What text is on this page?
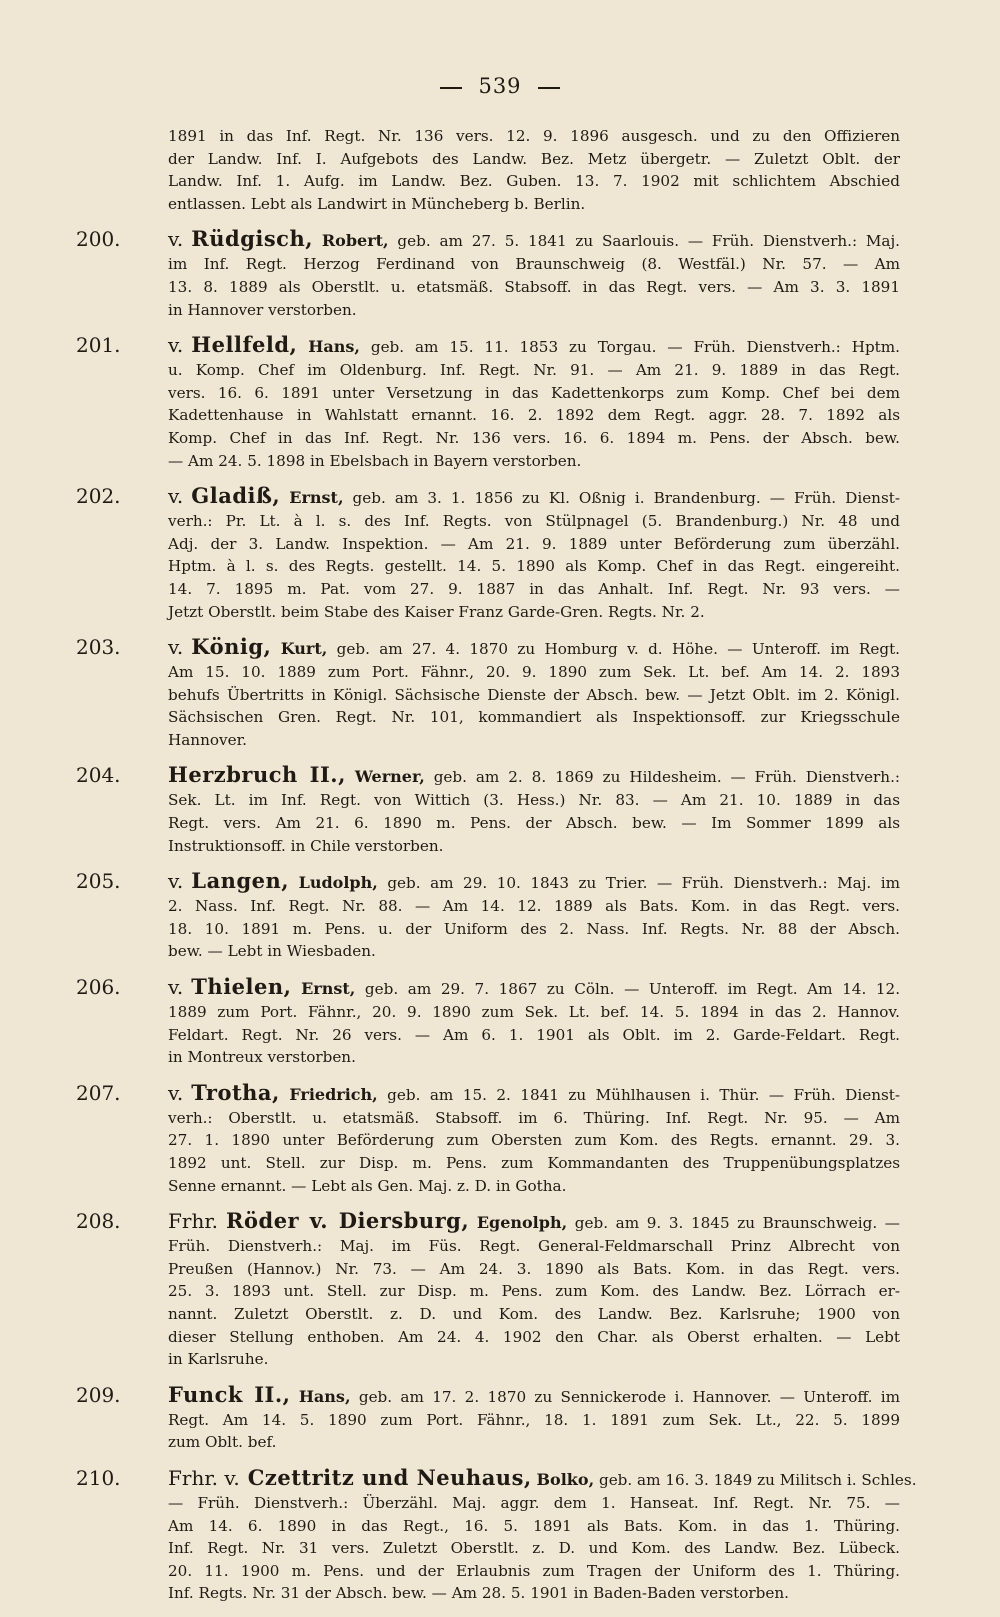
539
1891 in das Inf. Regt. Nr. 136 vers. 12. 9. 1896 ausgesch. und zu den Offizieren
der Landw. Inf. I. Aufgebots des Landw. Bez. Metz übergetr. — Zuletzt Oblt. der
Landw. Inf. 1. Aufg. im Landw. Bez. Guben. 13. 7. 1902 mit schlichtem Abschied
entlassen. Lebt als Landwirt in Müncheberg b. Berlin.
200.	v. Rüdgisch, Robert, geb. am 27. 5. 1841 zu Saarlouis. — Früh. Dienstverh.: Maj.
im Inf. Regt. Herzog Ferdinand von Braunschweig (8. Westfäl.) Nr. 57. — Am
13. 8. 1889 als Oberstlt. u. etatsmäß. Stabsoff. in das Regt. vers. — Am 3. 3. 1891
in Hannover verstorben.
201.	v. Hellfeld, Hans, geb. am 15. 11. 1853 zu Torgau. — Früh. Dienstverh.: Hptm.
u. Komp. Chef im Oldenburg. Inf. Regt. Nr. 91. — Am 21. 9. 1889 in das Regt.
vers. 16. 6. 1891 unter Versetzung in das Kadettenkorps zum Komp. Chef bei dem
Kadettenhause in Wahlstatt ernannt. 16. 2. 1892 dem Regt. aggr. 28. 7. 1892 als
Komp. Chef in das Inf. Regt. Nr. 136 vers. 16. 6. 1894 m. Pens. der Absch. bew.
— Am 24. 5. 1898 in Ebelsbach in Bayern verstorben.
202.	v. Gladiß, Ernst, geb. am 3. 1. 1856 zu Kl. Oßnig i. Brandenburg. — Früh. Dienst-
verh.: Pr. Lt. à l. s. des Inf. Regts. von Stülpnagel (5. Brandenburg.) Nr. 48 und
Adj. der 3. Landw. Inspektion. — Am 21. 9. 1889 unter Beförderung zum überzähl.
Hptm. à l. s. des Regts. gestellt. 14. 5. 1890 als Komp. Chef in das Regt. eingereiht.
14. 7. 1895 m. Pat. vom 27. 9. 1887 in das Anhalt. Inf. Regt. Nr. 93 vers. —
Jetzt Oberstlt. beim Stabe des Kaiser Franz Garde-Gren. Regts. Nr. 2.
203.	v. König, Kurt, geb. am 27. 4. 1870 zu Homburg v. d. Höhe. — Unteroff. im Regt.
Am 15. 10. 1889 zum Port. Fähnr., 20. 9. 1890 zum Sek. Lt. bef. Am 14. 2. 1893
behufs Übertritts in Königl. Sächsische Dienste der Absch. bew. — Jetzt Oblt. im 2. Königl.
Sächsischen Gren. Regt. Nr. 101, kommandiert als Inspektionsoff. zur Kriegsschule
Hannover.
204.	Herzbruch II., Werner, geb. am 2. 8. 1869 zu Hildesheim. — Früh. Dienstverh.:
Sek. Lt. im Inf. Regt. von Wittich (3. Hess.) Nr. 83. — Am 21. 10. 1889 in das
Regt. vers. Am 21. 6. 1890 m. Pens. der Absch. bew. — Im Sommer 1899 als
Instruktionsoff. in Chile verstorben.
205.	v. Langen, Ludolph, geb. am 29. 10. 1843 zu Trier. — Früh. Dienstverh.: Maj. im
2. Nass. Inf. Regt. Nr. 88. — Am 14. 12. 1889 als Bats. Kom. in das Regt. vers.
18. 10. 1891 m. Pens. u. der Uniform des 2. Nass. Inf. Regts. Nr. 88 der Absch.
bew. — Lebt in Wiesbaden.
206.	v. Thielen, Ernst, geb. am 29. 7. 1867 zu Cöln. — Unteroff. im Regt. Am 14. 12.
1889 zum Port. Fähnr., 20. 9. 1890 zum Sek. Lt. bef. 14. 5. 1894 in das 2. Hannov.
Feldart. Regt. Nr. 26 vers. — Am 6. 1. 1901 als Oblt. im 2. Garde-Feldart. Regt.
in Montreux verstorben.
207.	v. Trotha, Friedrich, geb. am 15. 2. 1841 zu Mühlhausen i. Thür. — Früh. Dienst-
verh.: Oberstlt. u. etatsmäß. Stabsoff. im 6. Thüring. Inf. Regt. Nr. 95. — Am
27. 1. 1890 unter Beförderung zum Obersten zum Kom. des Regts. ernannt. 29. 3.
1892 unt. Stell. zur Disp. m. Pens. zum Kommandanten des Truppenübungsplatzes
Senne ernannt. — Lebt als Gen. Maj. z. D. in Gotha.
208.	Frhr. Röder v. Diersburg, Egenolph, geb. am 9. 3. 1845 zu Braunschweig. —
Früh. Dienstverh.: Maj. im Füs. Regt. General-Feldmarschall Prinz Albrecht von
Preußen (Hannov.) Nr. 73. — Am 24. 3. 1890 als Bats. Kom. in das Regt. vers.
25. 3. 1893 unt. Stell. zur Disp. m. Pens. zum Kom. des Landw. Bez. Lörrach er-
nannt. Zuletzt Oberstlt. z. D. und Kom. des Landw. Bez. Karlsruhe; 1900 von
dieser Stellung enthoben. Am 24. 4. 1902 den Char. als Oberst erhalten. — Lebt
in Karlsruhe.
209.	Funck II., Hans, geb. am 17. 2. 1870 zu Sennickerode i. Hannover. — Unteroff. im
Regt. Am 14. 5. 1890 zum Port. Fähnr., 18. 1. 1891 zum Sek. Lt., 22. 5. 1899
zum Oblt. bef.
210.	Frhr. v. Czettritz und Neuhaus, Bolko, geb. am 16. 3. 1849 zu Militsch i. Schles.
— Früh. Dienstverh.: Überzähl. Maj. aggr. dem 1. Hanseat. Inf. Regt. Nr. 75. —
Am 14. 6. 1890 in das Regt., 16. 5. 1891 als Bats. Kom. in das 1. Thüring.
Inf. Regt. Nr. 31 vers. Zuletzt Oberstlt. z. D. und Kom. des Landw. Bez. Lübeck.
20. 11. 1900 m. Pens. und der Erlaubnis zum Tragen der Uniform des 1. Thüring.
Inf. Regts. Nr. 31 der Absch. bew. — Am 28. 5. 1901 in Baden-Baden verstorben.
